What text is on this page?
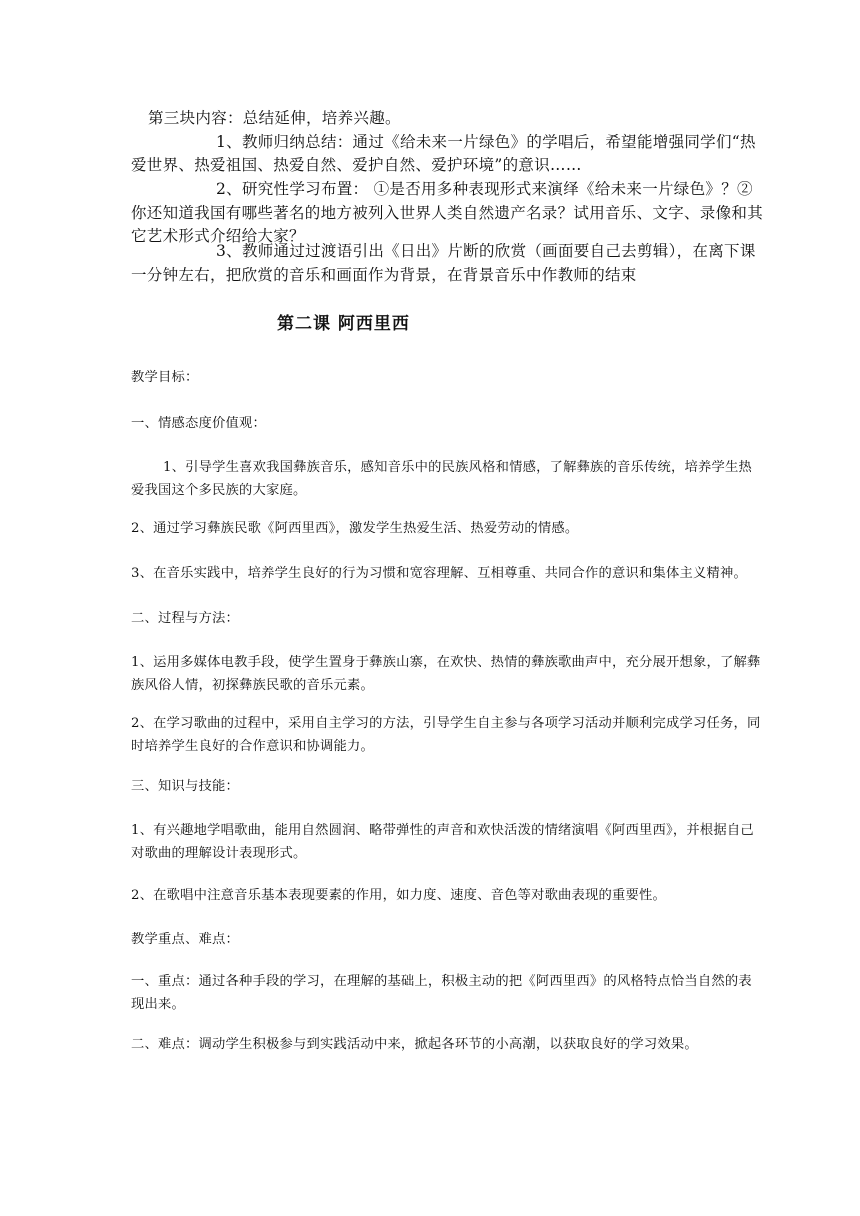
第三块内容：总结延伸，培养兴趣。
1、教师归纳总结：通过《给未来一片绿色》的学唱后，希望能增强同学们“热
爱世界、热爱祖国、热爱自然、爱护自然、爱护环境”的意识……
2、研究性学习布置： ①是否用多种表现形式来演绎《给未来一片绿色》？②
你还知道我国有哪些著名的地方被列入世界人类自然遗产名录？试用音乐、文字、录像和其
它艺术形式介绍给大家？
3、教师通过过渡语引出《日出》片断的欣赏（画面要自己去剪辑），在离下课
一分钟左右，把欣赏的音乐和画面作为背景，在背景音乐中作教师的结束
第二课 阿西里西
教学目标：
一、情感态度价值观：
1、引导学生喜欢我国彝族音乐，感知音乐中的民族风格和情感，了解彝族的音乐传统，培养学生热
爱我国这个多民族的大家庭。
2、通过学习彝族民歌《阿西里西》，激发学生热爱生活、热爱劳动的情感。
3、在音乐实践中，培养学生良好的行为习惯和宽容理解、互相尊重、共同合作的意识和集体主义精神。
二、过程与方法：
1、运用多媒体电教手段，使学生置身于彝族山寨，在欢快、热情的彝族歌曲声中，充分展开想象，了解彝
族风俗人情，初探彝族民歌的音乐元素。
2、在学习歌曲的过程中，采用自主学习的方法，引导学生自主参与各项学习活动并顺利完成学习任务，同
时培养学生良好的合作意识和协调能力。
三、知识与技能：
1、有兴趣地学唱歌曲，能用自然圆润、略带弹性的声音和欢快活泼的情绪演唱《阿西里西》，并根据自己
对歌曲的理解设计表现形式。
2、在歌唱中注意音乐基本表现要素的作用，如力度、速度、音色等对歌曲表现的重要性。
教学重点、难点：
一、重点：通过各种手段的学习，在理解的基础上，积极主动的把《阿西里西》的风格特点恰当自然的表
现出来。
二、难点：调动学生积极参与到实践活动中来，掀起各环节的小高潮，以获取良好的学习效果。
